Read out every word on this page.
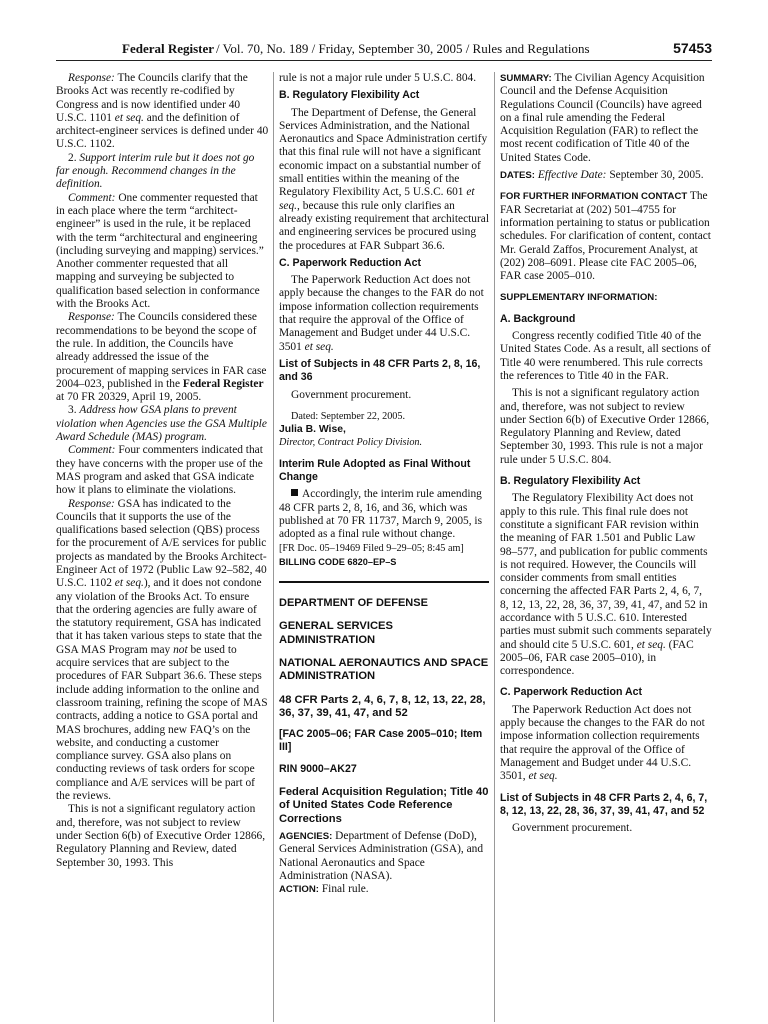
Federal Register / Vol. 70, No. 189 / Friday, September 30, 2005 / Rules and Regulations	57453

Response: The Councils clarify that the Brooks Act was recently re-codified by Congress and is now identified under 40 U.S.C. 1101 et seq. and the definition of architect-engineer services is defined under 40 U.S.C. 1102.

2. Support interim rule but it does not go far enough. Recommend changes in the definition.

Comment: One commenter requested that in each place where the term “architect-engineer” is used in the rule, it be replaced with the term “architectural and engineering (including surveying and mapping) services.” Another commenter requested that all mapping and surveying be subjected to qualification based selection in conformance with the Brooks Act.

Response: The Councils considered these recommendations to be beyond the scope of the rule. In addition, the Councils have already addressed the issue of the procurement of mapping services in FAR case 2004–023, published in the Federal Register at 70 FR 20329, April 19, 2005.

3. Address how GSA plans to prevent violation when Agencies use the GSA Multiple Award Schedule (MAS) program.

Comment: Four commenters indicated that they have concerns with the proper use of the MAS program and asked that GSA indicate how it plans to eliminate the violations.

Response: GSA has indicated to the Councils that it supports the use of the qualifications based selection (QBS) process for the procurement of A/E services for public projects as mandated by the Brooks Architect-Engineer Act of 1972 (Public Law 92–582, 40 U.S.C. 1102 et seq.), and it does not condone any violation of the Brooks Act. To ensure that the ordering agencies are fully aware of the statutory requirement, GSA has indicated that it has taken various steps to state that the GSA MAS Program may not be used to acquire services that are subject to the procedures of FAR Subpart 36.6. These steps include adding information to the online and classroom training, refining the scope of MAS contracts, adding a notice to GSA portal and MAS brochures, adding new FAQ’s on the website, and conducting a customer compliance survey. GSA also plans on conducting reviews of task orders for scope compliance and A/E services will be part of the reviews.

This is not a significant regulatory action and, therefore, was not subject to review under Section 6(b) of Executive Order 12866, Regulatory Planning and Review, dated September 30, 1993. This

rule is not a major rule under 5 U.S.C. 804.

B. Regulatory Flexibility Act

The Department of Defense, the General Services Administration, and the National Aeronautics and Space Administration certify that this final rule will not have a significant economic impact on a substantial number of small entities within the meaning of the Regulatory Flexibility Act, 5 U.S.C. 601 et seq., because this rule only clarifies an already existing requirement that architectural and engineering services be procured using the procedures at FAR Subpart 36.6.

C. Paperwork Reduction Act

The Paperwork Reduction Act does not apply because the changes to the FAR do not impose information collection requirements that require the approval of the Office of Management and Budget under 44 U.S.C. 3501 et seq.

List of Subjects in 48 CFR Parts 2, 8, 16, and 36

Government procurement.

Dated: September 22, 2005.

Julia B. Wise,

Director, Contract Policy Division.

Interim Rule Adopted as Final Without Change

Accordingly, the interim rule amending 48 CFR parts 2, 8, 16, and 36, which was published at 70 FR 11737, March 9, 2005, is adopted as a final rule without change.

[FR Doc. 05–19469 Filed 9–29–05; 8:45 am]

BILLING CODE 6820–EP–S

DEPARTMENT OF DEFENSE

GENERAL SERVICES ADMINISTRATION

NATIONAL AERONAUTICS AND SPACE ADMINISTRATION

48 CFR Parts 2, 4, 6, 7, 8, 12, 13, 22, 28, 36, 37, 39, 41, 47, and 52

[FAC 2005–06; FAR Case 2005–010; Item III]

RIN 9000–AK27

Federal Acquisition Regulation; Title 40 of United States Code Reference Corrections

AGENCIES: Department of Defense (DoD), General Services Administration (GSA), and National Aeronautics and Space Administration (NASA).

ACTION: Final rule.

SUMMARY: The Civilian Agency Acquisition Council and the Defense Acquisition Regulations Council (Councils) have agreed on a final rule amending the Federal Acquisition Regulation (FAR) to reflect the most recent codification of Title 40 of the United States Code.

DATES: Effective Date: September 30, 2005.

FOR FURTHER INFORMATION CONTACT The FAR Secretariat at (202) 501–4755 for information pertaining to status or publication schedules. For clarification of content, contact Mr. Gerald Zaffos, Procurement Analyst, at (202) 208–6091. Please cite FAC 2005–06, FAR case 2005–010.

SUPPLEMENTARY INFORMATION:

A. Background

Congress recently codified Title 40 of the United States Code. As a result, all sections of Title 40 were renumbered. This rule corrects the references to Title 40 in the FAR.

This is not a significant regulatory action and, therefore, was not subject to review under Section 6(b) of Executive Order 12866, Regulatory Planning and Review, dated September 30, 1993. This rule is not a major rule under 5 U.S.C. 804.

B. Regulatory Flexibility Act

The Regulatory Flexibility Act does not apply to this rule. This final rule does not constitute a significant FAR revision within the meaning of FAR 1.501 and Public Law 98–577, and publication for public comments is not required. However, the Councils will consider comments from small entities concerning the affected FAR Parts 2, 4, 6, 7, 8, 12, 13, 22, 28, 36, 37, 39, 41, 47, and 52 in accordance with 5 U.S.C. 610. Interested parties must submit such comments separately and should cite 5 U.S.C. 601, et seq. (FAC 2005–06, FAR case 2005–010), in correspondence.

C. Paperwork Reduction Act

The Paperwork Reduction Act does not apply because the changes to the FAR do not impose information collection requirements that require the approval of the Office of Management and Budget under 44 U.S.C. 3501, et seq.

List of Subjects in 48 CFR Parts 2, 4, 6, 7, 8, 12, 13, 22, 28, 36, 37, 39, 41, 47, and 52

Government procurement.
